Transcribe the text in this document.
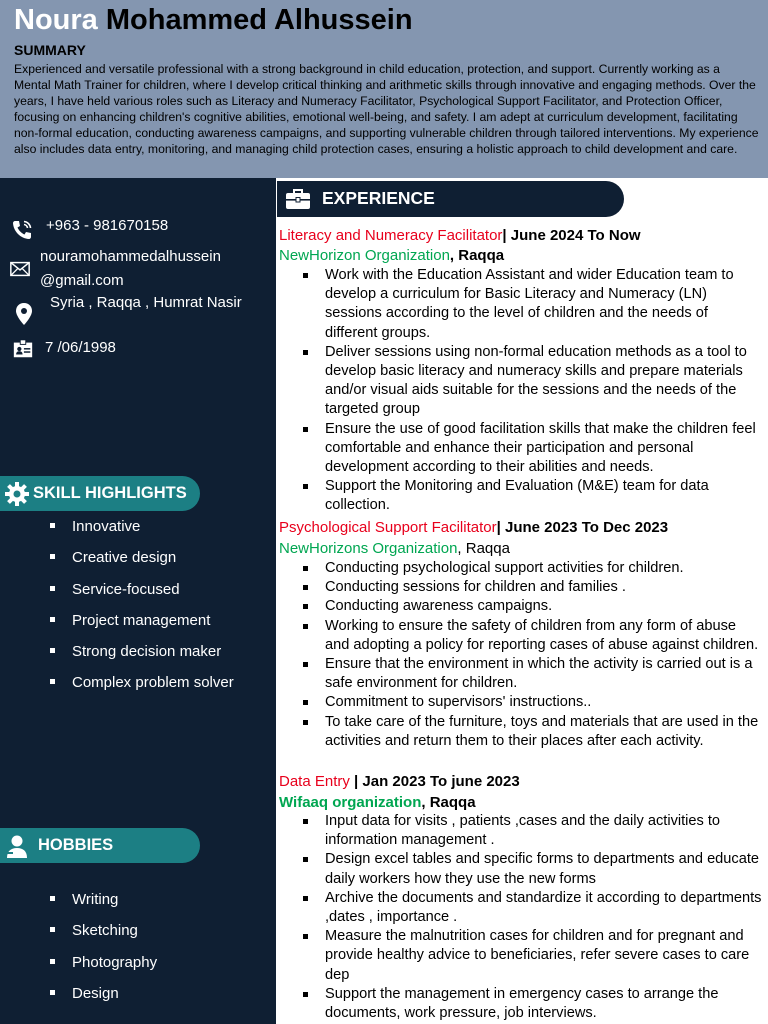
Noura Mohammed Alhussein
SUMMARY
Experienced and versatile professional with a strong background in child education, protection, and support. Currently working as a Mental Math Trainer for children, where I develop critical thinking and arithmetic skills through innovative and engaging methods. Over the years, I have held various roles such as Literacy and Numeracy Facilitator, Psychological Support Facilitator, and Protection Officer, focusing on enhancing children's cognitive abilities, emotional well-being, and safety. I am adept at curriculum development, facilitating non-formal education, conducting awareness campaigns, and supporting vulnerable children through tailored interventions. My experience also includes data entry, monitoring, and managing child protection cases, ensuring a holistic approach to child development and care.
+963 - 981670158
nouramohammedalhussein
@gmail.com
Syria , Raqqa , Humrat Nasir
7 /06/1998
SKILL HIGHLIGHTS
Innovative
Creative design
Service-focused
Project management
Strong decision maker
Complex problem solver
HOBBIES
Writing
Sketching
Photography
Design
EXPERIENCE
Literacy and Numeracy Facilitator| June 2024 To Now
NewHorizon Organization, Raqqa
Work with the Education Assistant and wider Education team to develop a curriculum for Basic Literacy and Numeracy (LN) sessions according to the level of children and the needs of different groups.
Deliver sessions using non-formal education methods as a tool to develop basic literacy and numeracy skills and prepare materials and/or visual aids suitable for the sessions and the needs of the targeted group
Ensure the use of good facilitation skills that make the children feel comfortable and enhance their participation and personal development according to their abilities and needs.
Support the Monitoring and Evaluation (M&E) team for data collection.
Psychological Support Facilitator| June 2023 To Dec 2023
NewHorizons Organization, Raqqa
Conducting psychological support activities for children.
Conducting sessions for children and families .
Conducting awareness campaigns.
Working to ensure the safety of children from any form of abuse and adopting a policy for reporting cases of abuse against children.
Ensure that the environment in which the activity is carried out is a safe environment for children.
Commitment to supervisors' instructions..
To take care of the furniture, toys and materials that are used in the activities and return them to their places after each activity.
Data Entry | Jan 2023 To june 2023
Wifaaq organization, Raqqa
Input data for visits , patients ,cases and the daily activities to information management .
Design excel tables and specific forms to departments and educate daily workers how they use the new forms
Archive the documents and standardize it according to departments ,dates , importance .
Measure the malnutrition cases for children and for pregnant and provide healthy advice to beneficiaries, refer severe cases to care dep
Support the management in emergency cases to arrange the documents, work pressure, job interviews.
